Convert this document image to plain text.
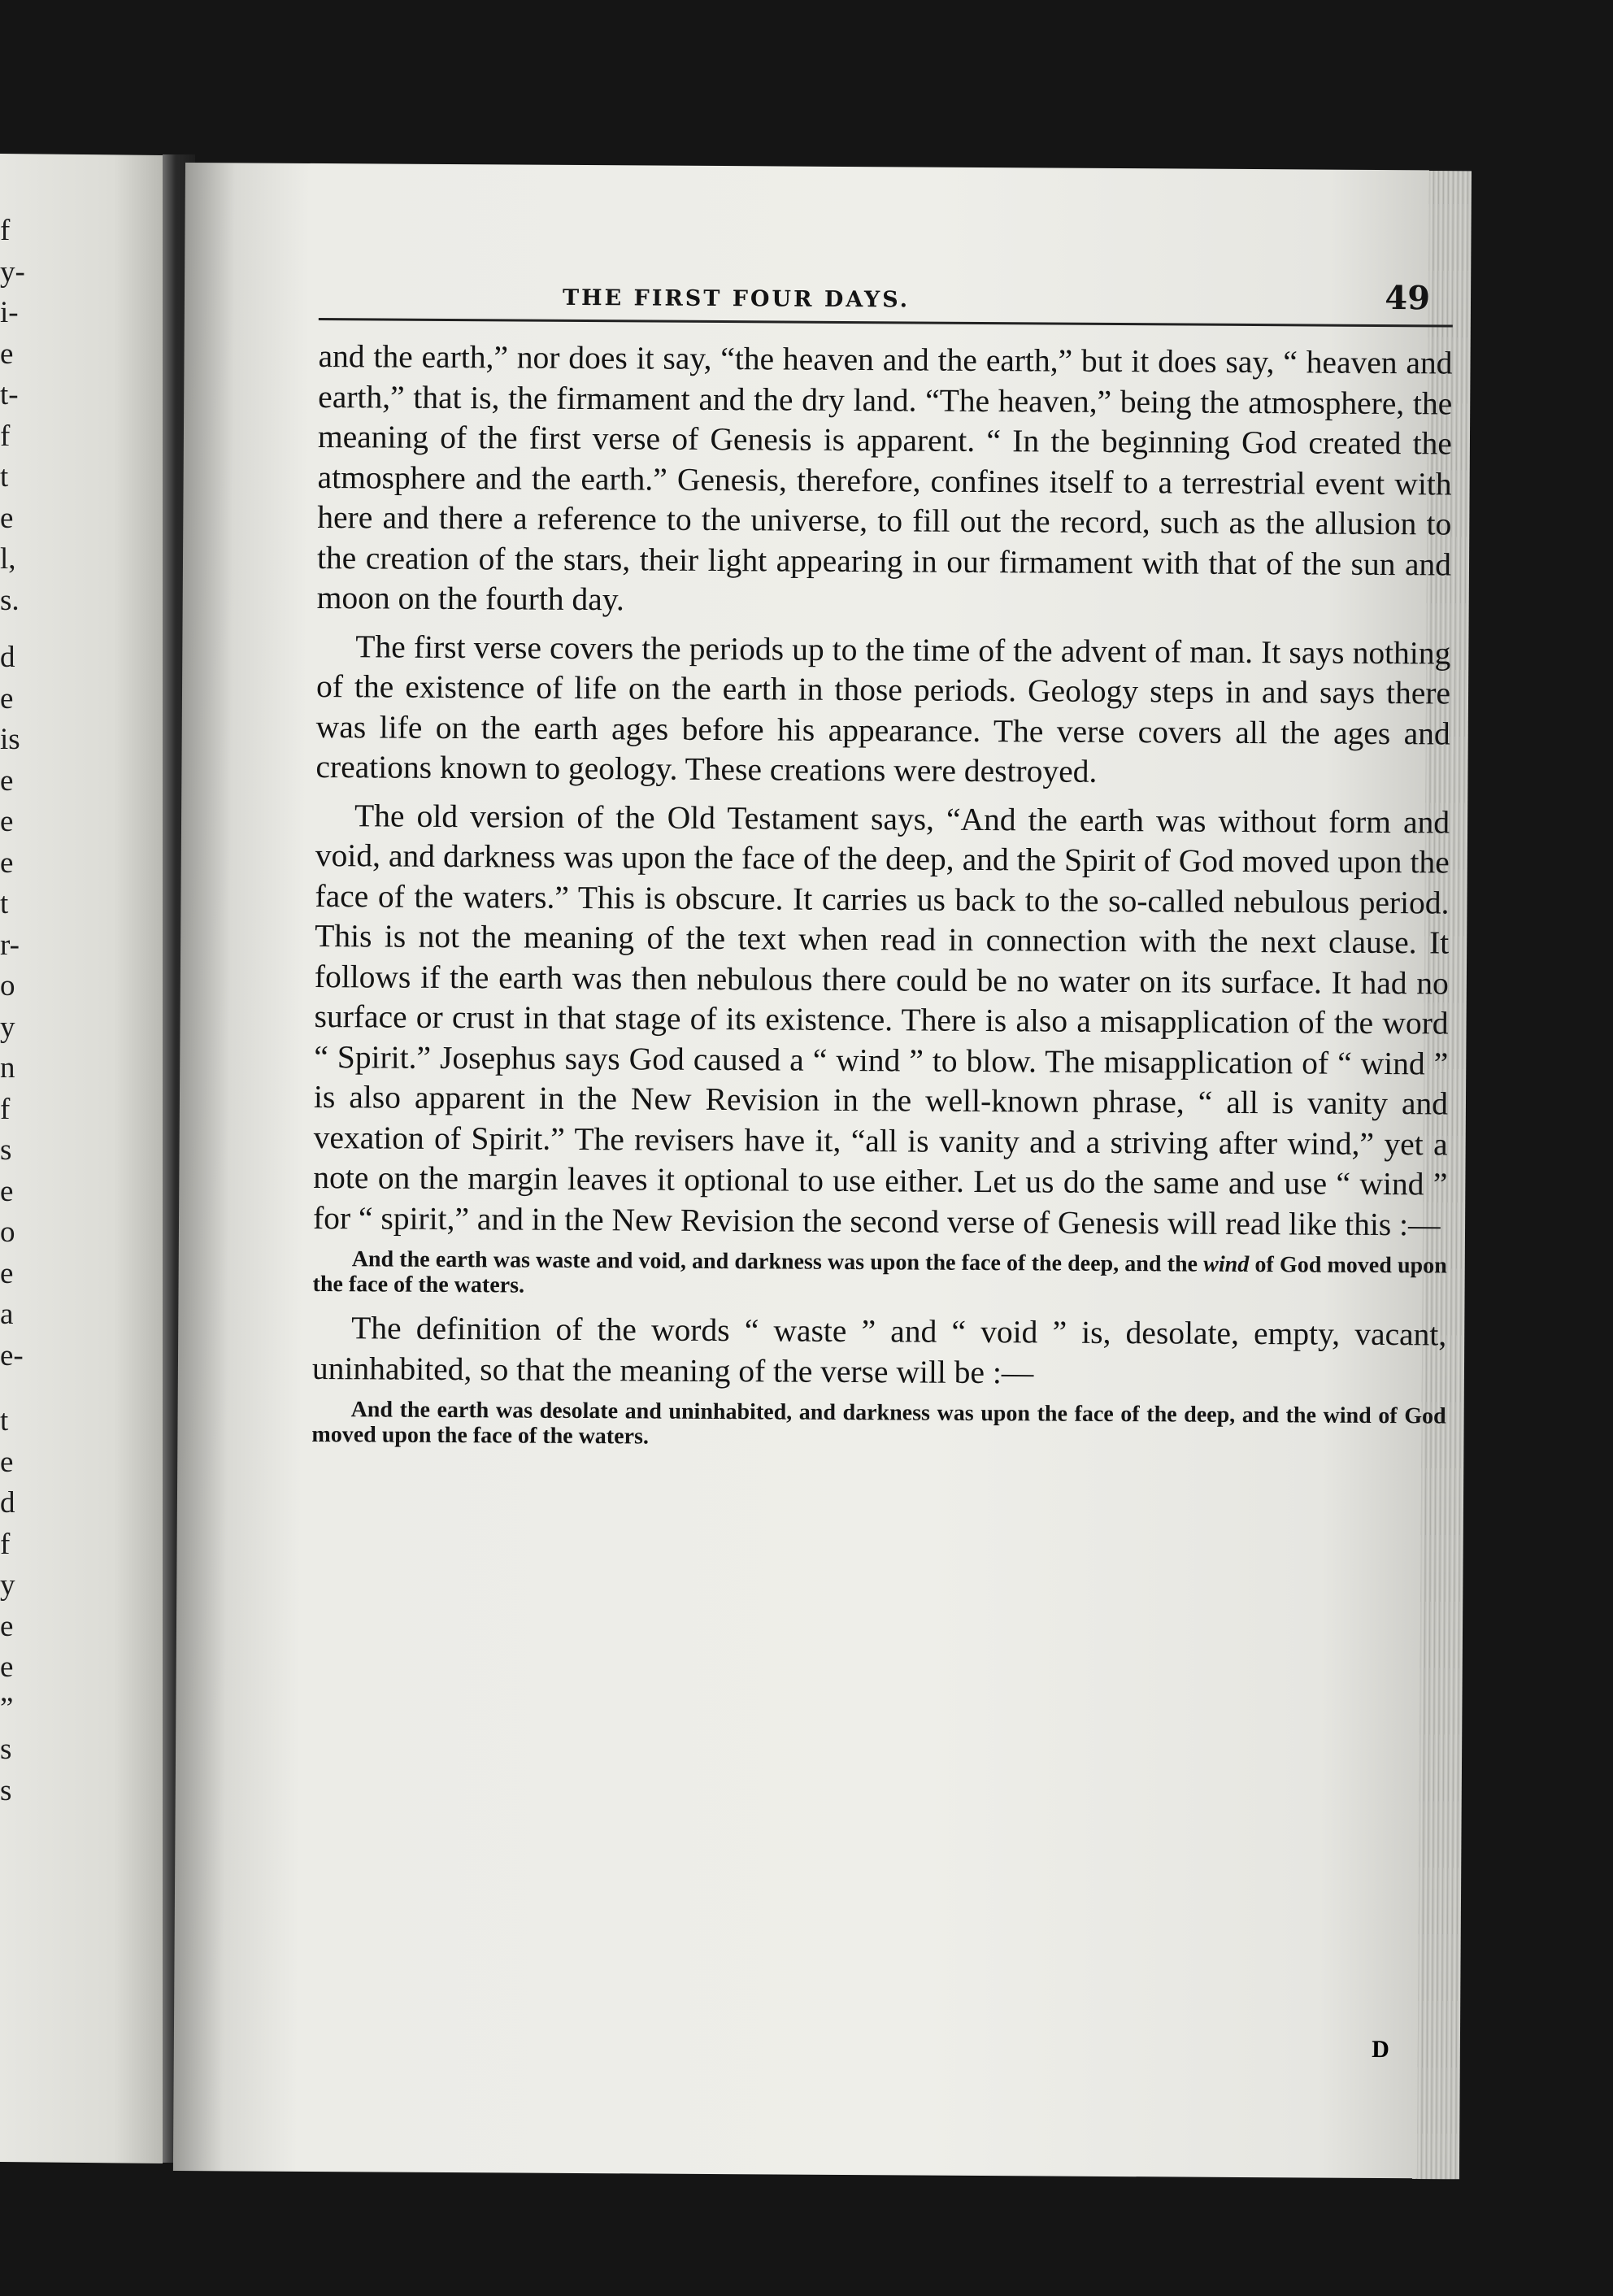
f
y-
i-
e
t-
f
t
e
l,
s.
d
e
is
e
e
e
t
r-
o
y
n
f
s
e
o
e
a
e-
t
e
d
f
y
e
e
”
s
s
THE FIRST FOUR DAYS.	49

and the earth,” nor does it say, “the heaven and the earth,” but it does say, “ heaven and earth,” that is, the firmament and the dry land. “The heaven,” being the atmosphere, the meaning of the first verse of Genesis is apparent. “ In the beginning God created the atmosphere and the earth.” Genesis, therefore, confines itself to a terrestrial event with here and there a reference to the universe, to fill out the record, such as the allusion to the creation of the stars, their light appearing in our firmament with that of the sun and moon on the fourth day.

The first verse covers the periods up to the time of the advent of man. It says nothing of the existence of life on the earth in those periods. Geology steps in and says there was life on the earth ages before his appearance. The verse covers all the ages and creations known to geology. These creations were destroyed.

The old version of the Old Testament says, “And the earth was without form and void, and darkness was upon the face of the deep, and the Spirit of God moved upon the face of the waters.” This is obscure. It carries us back to the so-called nebulous period. This is not the meaning of the text when read in connection with the next clause. It follows if the earth was then nebulous there could be no water on its surface. It had no surface or crust in that stage of its existence. There is also a misapplication of the word “ Spirit.” Josephus says God caused a “ wind ” to blow. The misapplication of “ wind ” is also apparent in the New Revision in the well-known phrase, “ all is vanity and vexation of Spirit.” The revisers have it, “all is vanity and a striving after wind,” yet a note on the margin leaves it optional to use either. Let us do the same and use “ wind ” for “ spirit,” and in the New Revision the second verse of Genesis will read like this :—

And the earth was waste and void, and darkness was upon the face of the deep, and the wind of God moved upon the face of the waters.

The definition of the words “ waste ” and “ void ” is, desolate, empty, vacant, uninhabited, so that the meaning of the verse will be :—

And the earth was desolate and uninhabited, and darkness was upon the face of the deep, and the wind of God moved upon the face of the waters.

D
